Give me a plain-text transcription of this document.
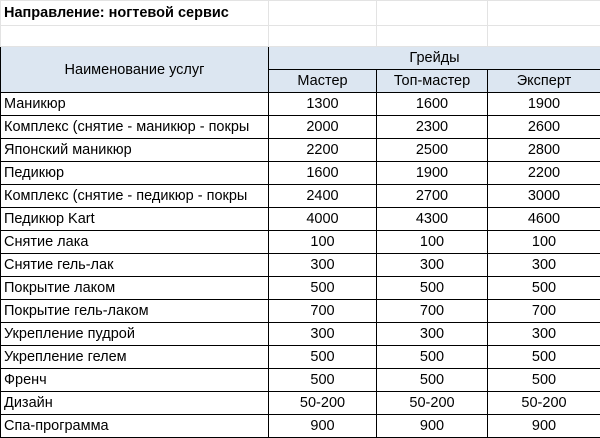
Направление: ногтевой сервис			

Наименование услуг	Грейды		
	Мастер	Топ-мастер	Эксперт
Маникюр	1300	1600	1900
Комплекс (снятие - маникюр - покры	2000	2300	2600
Японский маникюр	2200	2500	2800
Педикюр	1600	1900	2200
Комплекс (снятие - педикюр - покры	2400	2700	3000
Педикюр Kart	4000	4300	4600
Снятие лака	100	100	100
Снятие гель-лак	300	300	300
Покрытие лаком	500	500	500
Покрытие гель-лаком	700	700	700
Укрепление пудрой	300	300	300
Укрепление гелем	500	500	500
Френч	500	500	500
Дизайн	50-200	50-200	50-200
Спа-программа	900	900	900
